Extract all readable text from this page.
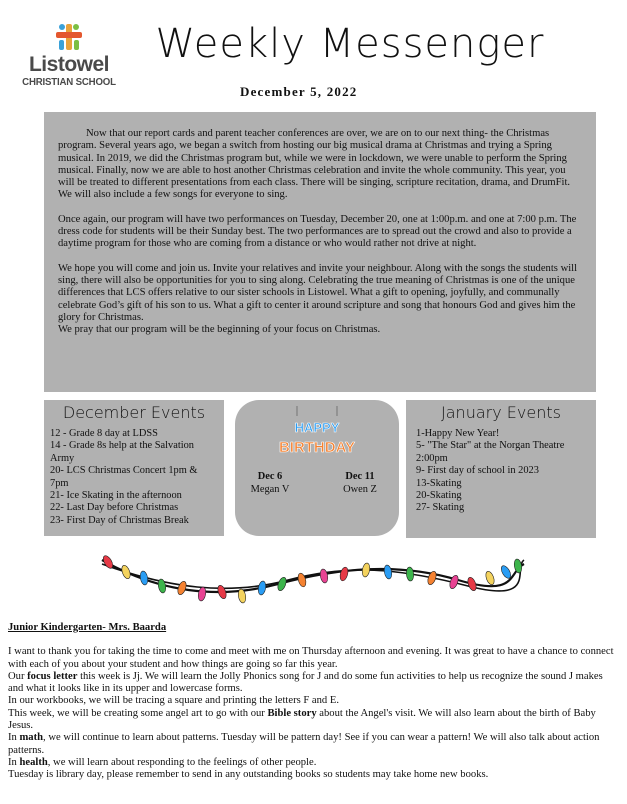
Listowel
CHRISTIAN SCHOOL
Weekly Messenger
December 5, 2022

Now that our report cards and parent teacher conferences are over, we are on to our next thing- the Christmas program. Several years ago, we began a switch from hosting our big musical drama at Christmas and trying a Spring musical. In 2019, we did the Christmas program but, while we were in lockdown, we were unable to perform the Spring musical. Finally, now we are able to host another Christmas celebration and invite the whole community. This year, you will be treated to different presentations from each class. There will be singing, scripture recitation, drama, and DrumFit. We will also include a few songs for everyone to sing.

Once again, our program will have two performances on Tuesday, December 20, one at 1:00p.m. and one at 7:00 p.m. The dress code for students will be their Sunday best. The two performances are to spread out the crowd and also to provide a daytime program for those who are coming from a distance or who would rather not drive at night.

We hope you will come and join us. Invite your relatives and invite your neighbour. Along with the songs the students will sing, there will also be opportunities for you to sing along. Celebrating the true meaning of Christmas is one of the unique differences that LCS offers relative to our sister schools in Listowel. What a gift to opening, joyfully, and communally celebrate God’s gift of his son to us. What a gift to center it around scripture and song that honours God and gives him the glory for Christmas.
We pray that our program will be the beginning of your focus on Christmas.

December Events
12 - Grade 8 day at LDSS
14 - Grade 8s help at the Salvation Army
20- LCS Christmas Concert 1pm & 7pm
21- Ice Skating in the afternoon
22- Last Day before Christmas
23- First Day of Christmas Break
HAPPY
BIRTHDAY
Dec 6
Megan V
Dec 11
Owen Z
January Events
1-Happy New Year!
5- "The Star" at the Norgan Theatre 2:00pm
9- First day of school in 2023
13-Skating
20-Skating
27- Skating
Junior Kindergarten- Mrs. Baarda

I want to thank you for taking the time to come and meet with me on Thursday afternoon and evening. It was great to have a chance to connect with each of you about your student and how things are going so far this year.

Our focus letter this week is Jj. We will learn the Jolly Phonics song for J and do some fun activities to help us recognize the sound J makes and what it looks like in its upper and lowercase forms.

In our workbooks, we will be tracing a square and printing the letters F and E.

This week, we will be creating some angel art to go with our Bible story about the Angel's visit. We will also learn about the birth of Baby Jesus.

In math, we will continue to learn about patterns. Tuesday will be pattern day! See if you can wear a pattern! We will also talk about action patterns.

In health, we will learn about responding to the feelings of other people.

Tuesday is library day, please remember to send in any outstanding books so students may take home new books.
